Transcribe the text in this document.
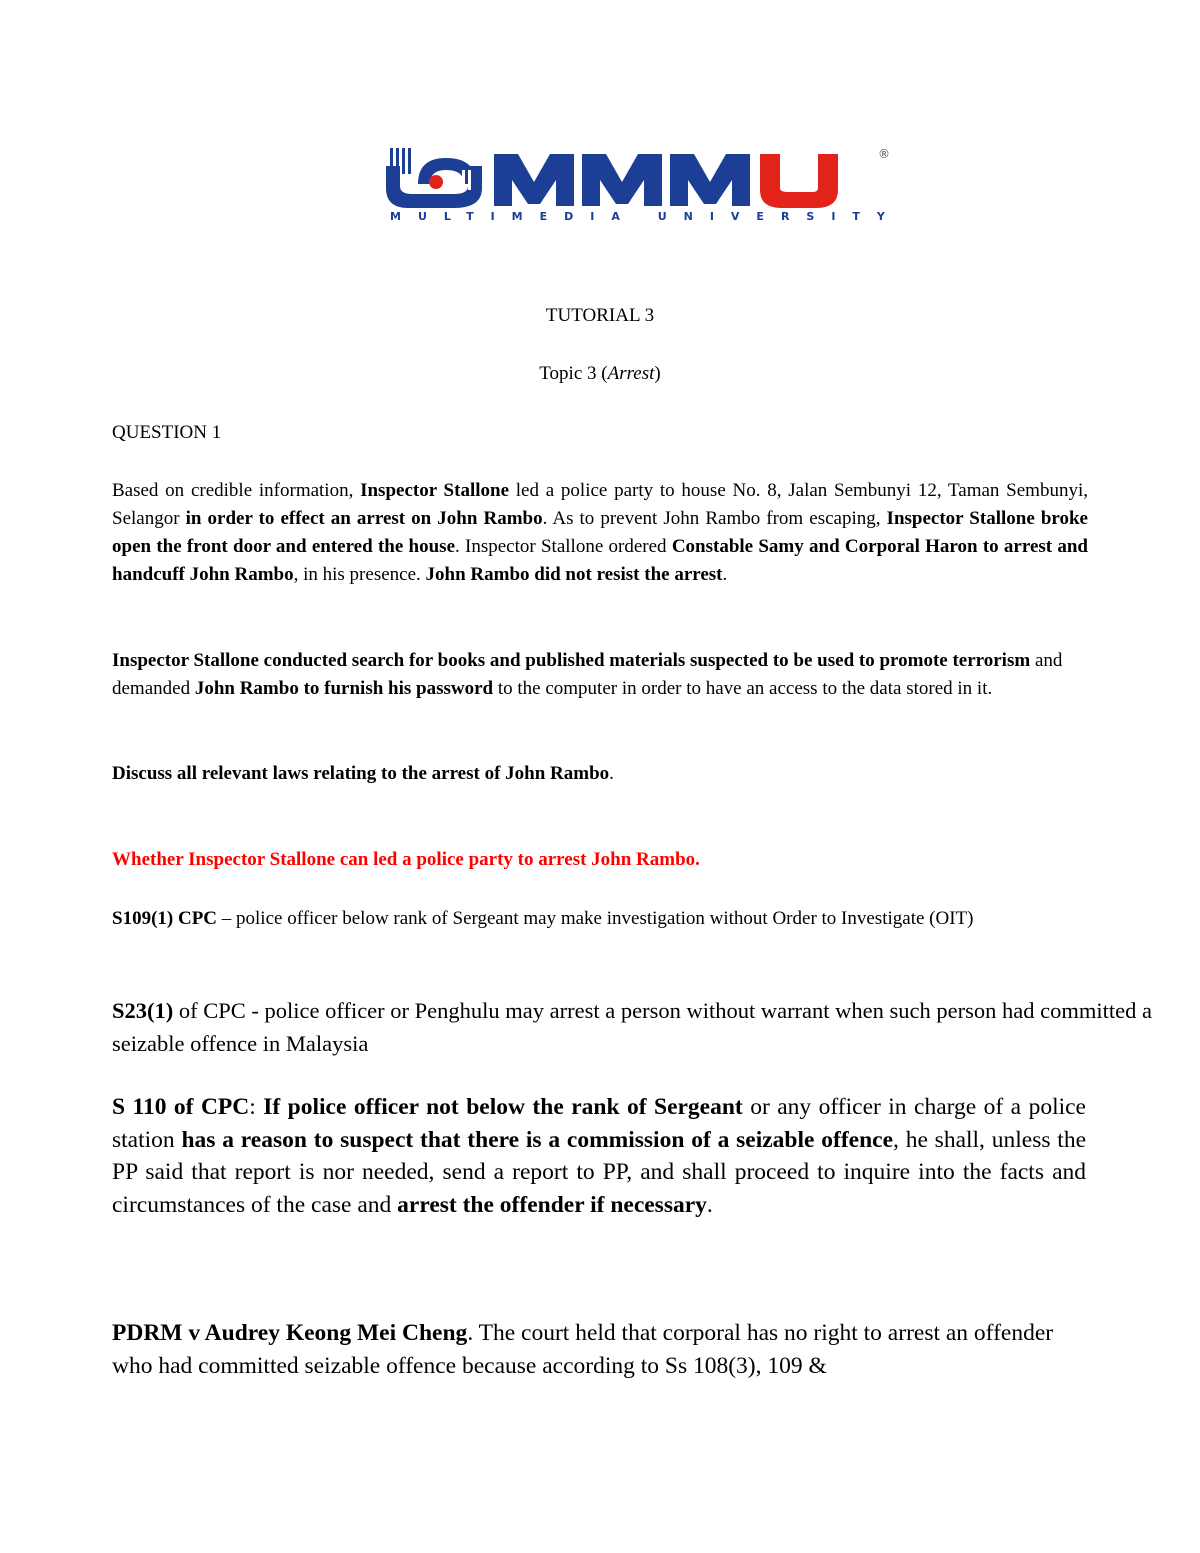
®
MULTIMEDIA UNIVERSITY

TUTORIAL 3

Topic 3 (Arrest)

QUESTION 1

Based on credible information, Inspector Stallone led a police party to house No. 8, Jalan Sembunyi 12, Taman Sembunyi, Selangor in order to effect an arrest on John Rambo. As to prevent John Rambo from escaping, Inspector Stallone broke open the front door and entered the house. Inspector Stallone ordered Constable Samy and Corporal Haron to arrest and handcuff John Rambo, in his presence. John Rambo did not resist the arrest.

Inspector Stallone conducted search for books and published materials suspected to be used to promote terrorism and demanded John Rambo to furnish his password to the computer in order to have an access to the data stored in it.

Discuss all relevant laws relating to the arrest of John Rambo.

Whether Inspector Stallone can led a police party to arrest John Rambo.

S109(1) CPC – police officer below rank of Sergeant may make investigation without Order to Investigate (OIT)

S23(1) of CPC - police officer or Penghulu may arrest a person without warrant when such person had committed a seizable offence in Malaysia

S 110 of CPC: If police officer not below the rank of Sergeant or any officer in charge of a police station has a reason to suspect that there is a commission of a seizable offence, he shall, unless the PP said that report is nor needed, send a report to PP, and shall proceed to inquire into the facts and circumstances of the case and arrest the offender if necessary.

PDRM v Audrey Keong Mei Cheng. The court held that corporal has no right to arrest an offender who had committed seizable offence because according to Ss 108(3), 109 &
